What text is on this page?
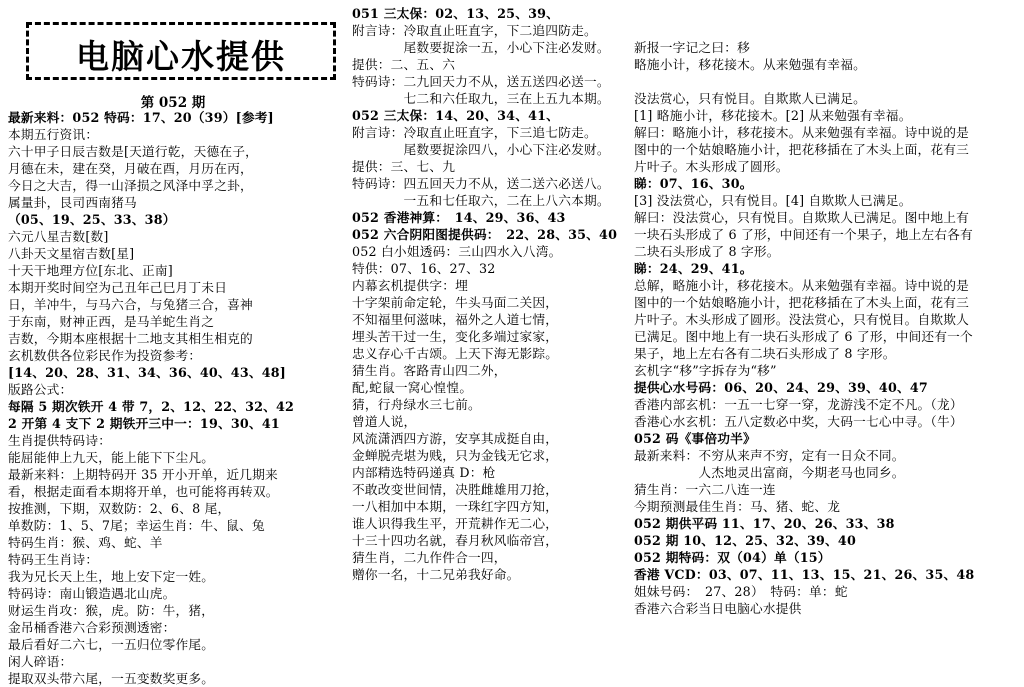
电脑心水提供
第 052 期
最新来料：052 特码：17、20（39）[参考]
本期五行资讯：
六十甲子日辰吉数是[天道行乾，天德在子，
月德在未，建在癸，月破在酉，月历在丙，
今日之大吉，得一山泽损之风泽中孚之卦，
属量卦，艮司西南猪马
（05、19、25、33、38）
六元八星吉数[数]
八卦天文星宿吉数[星]
十天干地理方位[东北、正南]
本期开奖时间空为己丑年己巳月丁未日
日，羊冲牛，与马六合，与兔猪三合，喜神
于东南，财神正西，是马羊蛇生肖之
吉数，今期本座根据十二地支其相生相克的
玄机数供各位彩民作为投资参考：
[14、20、28、31、34、36、40、43、48]
版路公式：
每隔 5 期次铁开 4 带 7，2、12、22、32、42
2 开第 4 支下 2 期铁开三中一：19、30、41
生肖提供特码诗：
能屈能伸上九天，能上能下下尘凡。
最新来料：上期特码开 35 开小开单，近几期来
看，根据走面看本期将开单，也可能将再转双。
按推测，下期，双数防：2、6、8 尾，
单数防：1、5、7尾；幸运生肖：牛、鼠、兔
特码生肖：猴、鸡、蛇、羊
特码王生肖诗：
我为兄长天上生，地上安下定一姓。
特码诗：南山锻造遇北山虎。
财运生肖攻：猴，虎。防：牛，猪，
金吊桶香港六合彩预测透密：
最后看好二六七，一五归位零作尾。
闲人碎语：
提取双头带六尾，一五变数奖更多。
051 三太保：02、13、25、39、
附言诗：冷取直止旺直字，下二追四防走。
　　　　尾数要捉涂一五，小心下注必发财。
提供：二、五、六
特码诗：二九回天力不从，送五送四必送一。
　　　　七二和六任取九，三在上五九本期。
052 三太保：14、20、34、41、
附言诗：冷取直止旺直字，下三追七防走。
　　　　尾数要捉涂四八，小心下注必发财。
提供：三、七、九
特码诗：四五回天力不从，送二送六必送八。
　　　　一五和七任取六，二在上八六本期。
052 香港神算：　14、29、36、43
052 六合阴阳图提供码：　22、28、35、40
052 白小姐透码：三山四水入八湾。
特供：07、16、27、32
内幕玄机提供字：埋
十字架前命定轮，牛头马面二关因，
不知福里何滋味，福外之人道七情，
埋头苦干过一生，变化多端过家家，
忠义存心千古颂。上天下海无影踪。
猜生肖。客路青山四二外，
配,蛇鼠一窝心惶惶。
猜，行舟绿水三七前。
曾道人说，
风流潇洒四方游，安享其成挺自由，
金蝉脱壳堪为贱，只为金钱无它求，
内部精选特码递真 D：枪
不敢改变世间情，决胜雌雄用刀抢，
一八相加中本期，一珠红字四方知，
谁人识得我生平，开荒耕作无二心，
十三十四功名就，春月秋风临帝宫，
猜生肖，二九作件合一四，
赠你一名，十二兄弟我好命。
新报一字记之曰：移
略施小计，移花接木。从来勉强有幸福。
没法赏心，只有悦目。自欺欺人已满足。
[1] 略施小计，移花接木。[2] 从来勉强有幸福。
解曰：略施小计，移花接木。从来勉强有幸福。诗中说的是
图中的一个姑娘略施小计，把花移插在了木头上面，花有三
片叶子。木头形成了圆形。
睇：07、16、30。
[3] 没法赏心，只有悦目。[4] 自欺欺人已满足。
解曰：没法赏心，只有悦目。自欺欺人已满足。图中地上有
一块石头形成了 6 了形，中间还有一个果子，地上左右各有
二块石头形成了 8 字形。
睇：24、29、41。
总解，略施小计，移花接木。从来勉强有幸福。诗中说的是
图中的一个姑娘略施小计，把花移插在了木头上面，花有三
片叶子。木头形成了圆形。没法赏心，只有悦目。自欺欺人
已满足。图中地上有一块石头形成了 6 了形，中间还有一个
果子，地上左右各有二块石头形成了 8 字形。
玄机字“移”字拆存为“移”
提供心水号码：06、20、24、29、39、40、47
香港内部玄机：一五一七穿一穿，龙游浅不定不凡。（龙）
香港心水玄机：五八定数必中奖，大码一七心中寻。（牛）
052 码《事倍功半》
最新来料：不穷从来声不穷，定有一日众不同。
　　　　　人杰地灵出富商，今期老马也同乡。
猜生肖：一六二八连一连
今期预测最佳生肖：马、猪、蛇、龙
052 期供平码 11、17、20、26、33、38
052 期 10、12、25、32、39、40
052 期特码：双（04）单（15）
香港 VCD：03、07、11、13、15、21、26、35、48
姐妹号码：　27、28）　特码：单：蛇
香港六合彩当日电脑心水提供
